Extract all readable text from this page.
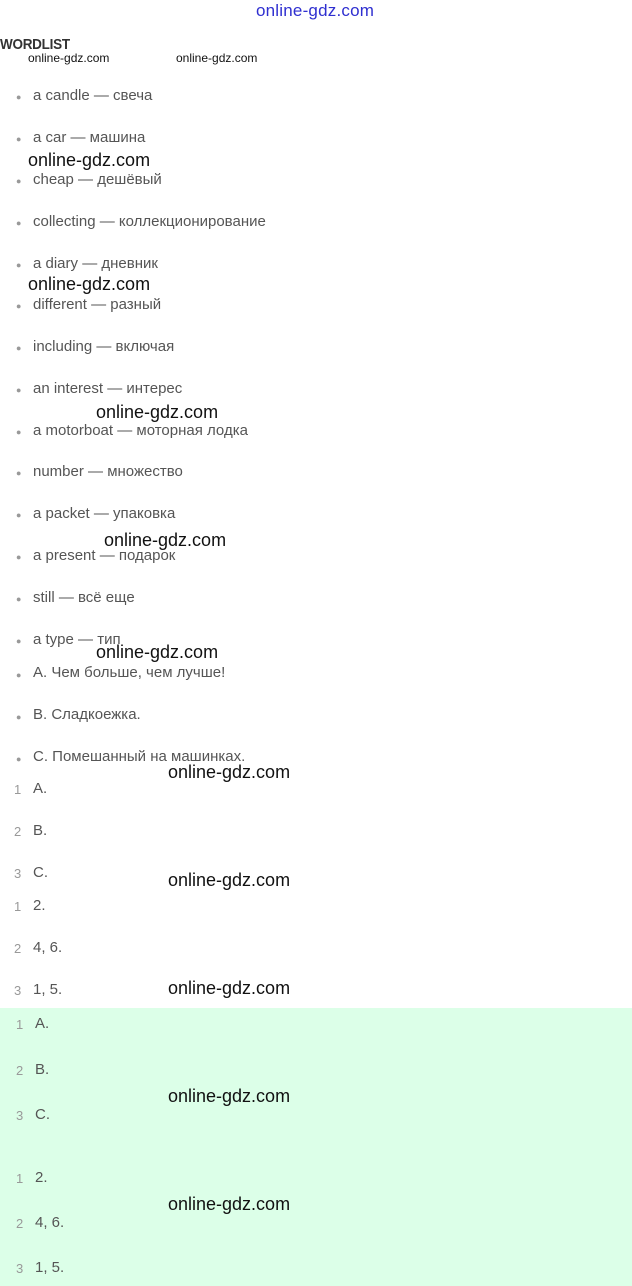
online-gdz.com
WORDLIST
● a candle — свеча
● a car — машина
● cheap — дешёвый
● collecting — коллекционирование
● a diary — дневник
● different — разный
● including — включая
● an interest — интерес
● a motorboat — моторная лодка
● number — множество
● a packet — упаковка
● a present — подарок
● still — всё еще
● a type — тип
● A. Чем больше, чем лучше!
● B. Сладкоежка.
● C. Помешанный на машинках.
1 A.
2 B.
3 C.
1 2.
2 4, 6.
3 1, 5.
1 A.
2 B.
3 C.
1 2.
2 4, 6.
3 1, 5.
online-gdz.com	online-gdz.com
online-gdz.com
online-gdz.com
online-gdz.com
online-gdz.com
online-gdz.com
online-gdz.com
online-gdz.com
online-gdz.com
online-gdz.com
online-gdz.com
